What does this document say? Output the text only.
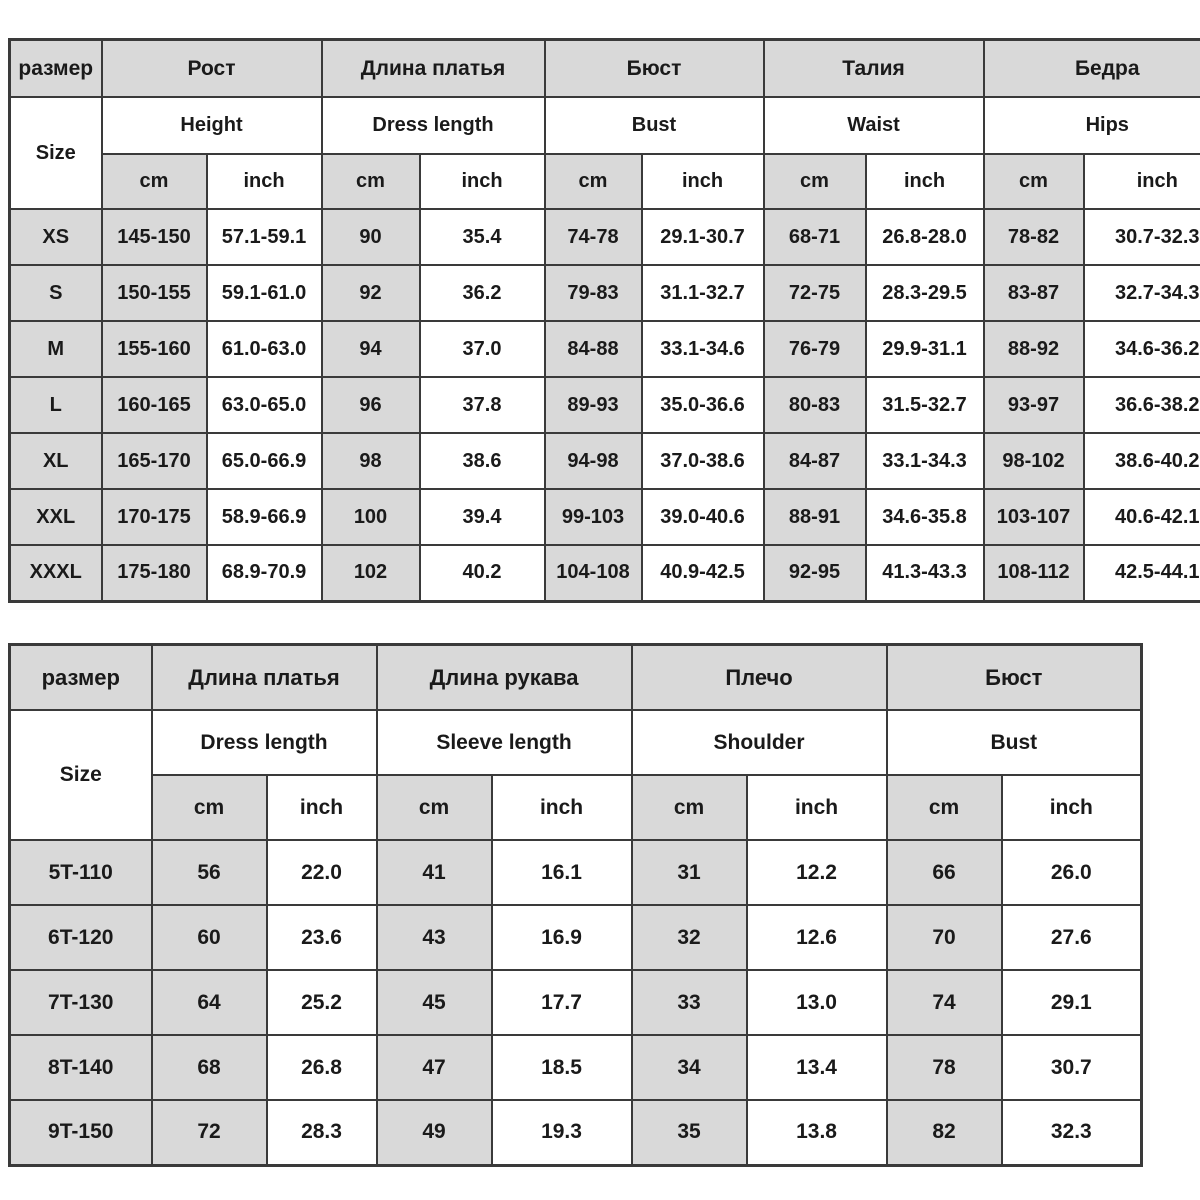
размер	Рост		Длина платья		Бюст		Талия		Бедра	
Size	Height		Dress length		Bust		Waist		Hips	
	cm	inch	cm	inch	cm	inch	cm	inch	cm	inch
XS	145-150	57.1-59.1	90	35.4	74-78	29.1-30.7	68-71	26.8-28.0	78-82	30.7-32.3
S	150-155	59.1-61.0	92	36.2	79-83	31.1-32.7	72-75	28.3-29.5	83-87	32.7-34.3
M	155-160	61.0-63.0	94	37.0	84-88	33.1-34.6	76-79	29.9-31.1	88-92	34.6-36.2
L	160-165	63.0-65.0	96	37.8	89-93	35.0-36.6	80-83	31.5-32.7	93-97	36.6-38.2
XL	165-170	65.0-66.9	98	38.6	94-98	37.0-38.6	84-87	33.1-34.3	98-102	38.6-40.2
XXL	170-175	58.9-66.9	100	39.4	99-103	39.0-40.6	88-91	34.6-35.8	103-107	40.6-42.1
XXXL	175-180	68.9-70.9	102	40.2	104-108	40.9-42.5	92-95	41.3-43.3	108-112	42.5-44.1
размер	Длина платья		Длина рукава		Плечо		Бюст	
Size	Dress length		Sleeve length		Shoulder		Bust	
	cm	inch	cm	inch	cm	inch	cm	inch
5T-110	56	22.0	41	16.1	31	12.2	66	26.0
6T-120	60	23.6	43	16.9	32	12.6	70	27.6
7T-130	64	25.2	45	17.7	33	13.0	74	29.1
8T-140	68	26.8	47	18.5	34	13.4	78	30.7
9T-150	72	28.3	49	19.3	35	13.8	82	32.3
